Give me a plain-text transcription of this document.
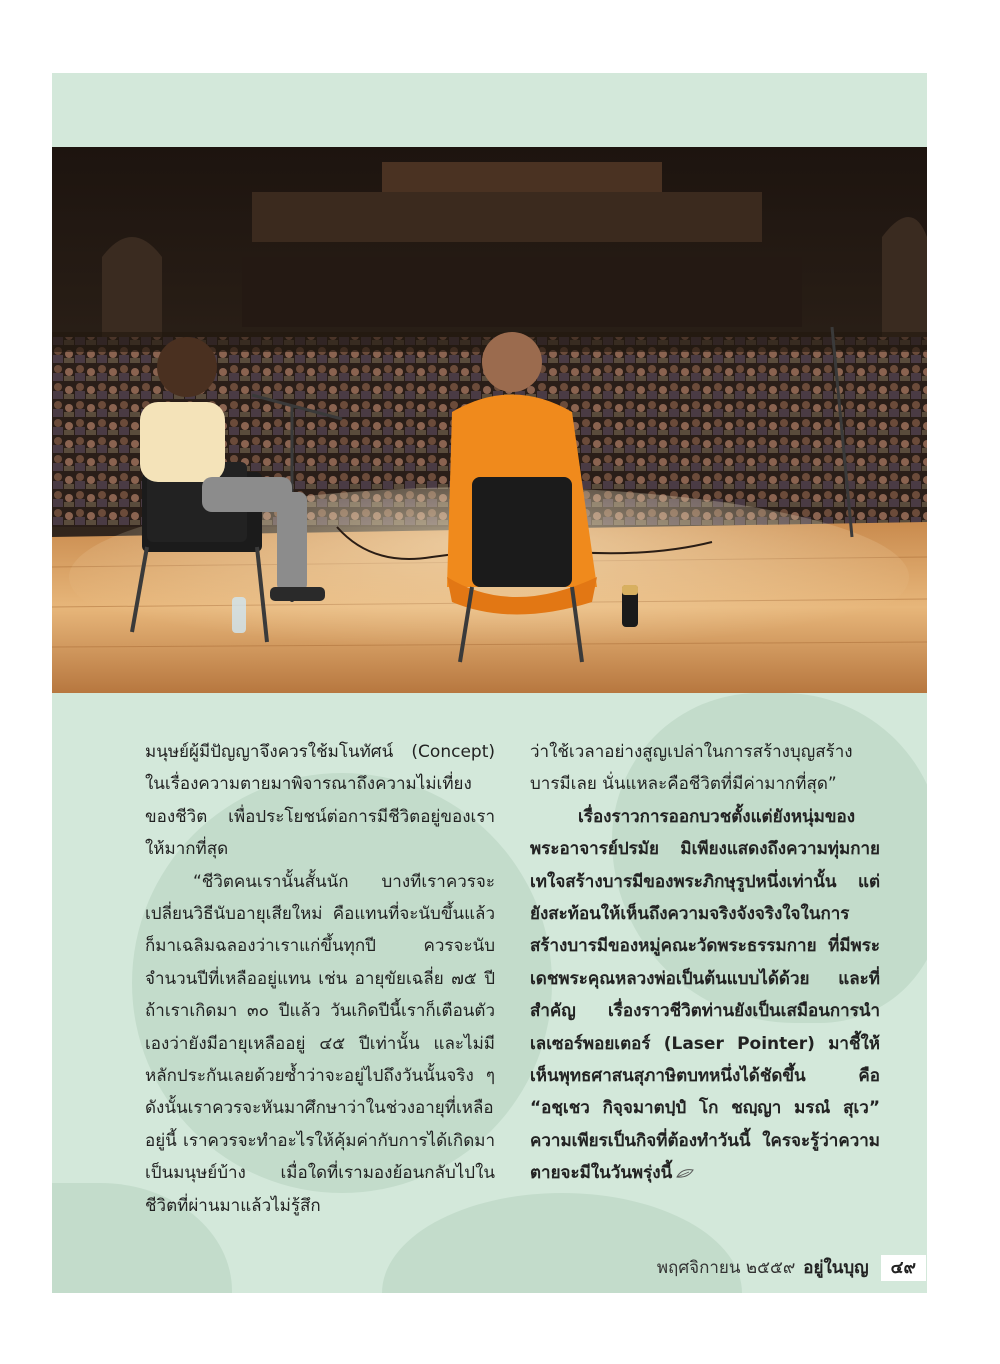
มนุษย์ผู้มีปัญญาจึงควรใช้มโนทัศน์ (Concept) ในเรื่องความตายมาพิจารณาถึงความไม่เที่ยงของชีวิต เพื่อประโยชน์ต่อการมีชีวิตอยู่ของเราให้มากที่สุด

“ชีวิตคนเรานั้นสั้นนัก บางทีเราควรจะเปลี่ยนวิธีนับอายุเสียใหม่ คือแทนที่จะนับขึ้นแล้วก็มาเฉลิมฉลองว่าเราแก่ขึ้นทุกปี ควรจะนับจำนวนปีที่เหลืออยู่แทน เช่น อายุขัยเฉลี่ย ๗๕ ปี ถ้าเราเกิดมา ๓๐ ปีแล้ว วันเกิดปีนี้เราก็เตือนตัวเองว่ายังมีอายุเหลืออยู่ ๔๕ ปีเท่านั้น และไม่มีหลักประกันเลยด้วยซ้ำว่าจะอยู่ไปถึงวันนั้นจริง ๆ ดังนั้นเราควรจะหันมาศึกษาว่าในช่วงอายุที่เหลืออยู่นี้ เราควรจะทำอะไรให้คุ้มค่ากับการได้เกิดมาเป็นมนุษย์บ้าง เมื่อใดที่เรามองย้อนกลับไปในชีวิตที่ผ่านมาแล้วไม่รู้สึก

ว่าใช้เวลาอย่างสูญเปล่าในการสร้างบุญสร้างบารมีเลย นั่นแหละคือชีวิตที่มีค่ามากที่สุด”

เรื่องราวการออกบวชตั้งแต่ยังหนุ่มของพระอาจารย์ปรมัย มิเพียงแสดงถึงความทุ่มกายเทใจสร้างบารมีของพระภิกษุรูปหนึ่งเท่านั้น แต่ยังสะท้อนให้เห็นถึงความจริงจังจริงใจในการสร้างบารมีของหมู่คณะวัดพระธรรมกาย ที่มีพระเดชพระคุณหลวงพ่อเป็นต้นแบบได้ด้วย และที่สำคัญ เรื่องราวชีวิตท่านยังเป็นเสมือนการนำเลเซอร์พอยเตอร์ (Laser Pointer) มาชี้ให้เห็นพุทธศาสนสุภาษิตบทหนึ่งได้ชัดขึ้น คือ “อชฺเชว กิจฺจมาตปฺปํ โก ชญฺญา มรณํ สุเว” ความเพียรเป็นกิจที่ต้องทำวันนี้ ใครจะรู้ว่าความตายจะมีในวันพรุ่งนี้

พฤศจิกายน ๒๕๕๙ อยู่ในบุญ	๔๙
